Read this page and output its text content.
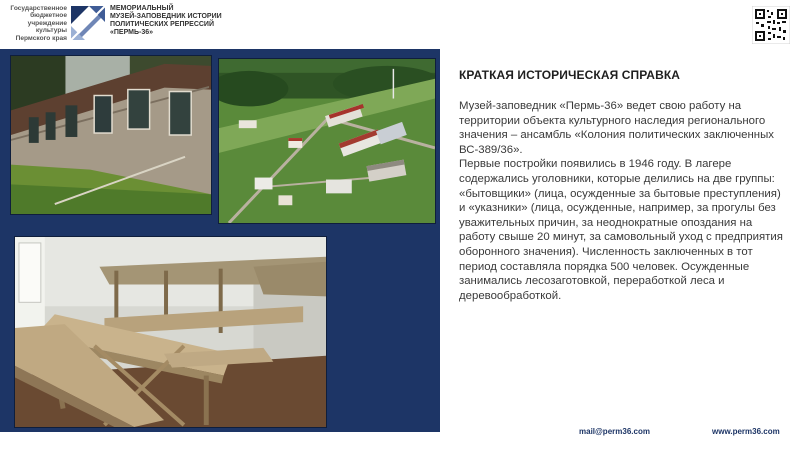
Государственное
бюджетное
учреждение
культуры
Пермского края
МЕМОРИАЛЬНЫЙ
МУЗЕЙ-ЗАПОВЕДНИК ИСТОРИИ
ПОЛИТИЧЕСКИХ РЕПРЕССИЙ
«ПЕРМЬ-36»
КРАТКАЯ ИСТОРИЧЕСКАЯ СПРАВКА

Музей-заповедник «Пермь-36» ведет свою работу на территории объекта культурного наследия регионального значения – ансамбль «Колония политических заключенных ВС-389/36».

Первые постройки появились в 1946 году. В лагере содержались уголовники, которые делились на две группы: «бытовщики» (лица, осужденные за бытовые преступления) и «указники» (лица, осужденные, например, за прогулы без уважительных причин, за неоднократные опоздания на работу свыше 20 минут, за самовольный уход с предприятия оборонного значения). Численность заключенных в тот период составляла порядка 500 человек. Осужденные занимались лесозаготовкой, переработкой леса и деревообработкой.

mail@perm36.com	www.perm36.com
